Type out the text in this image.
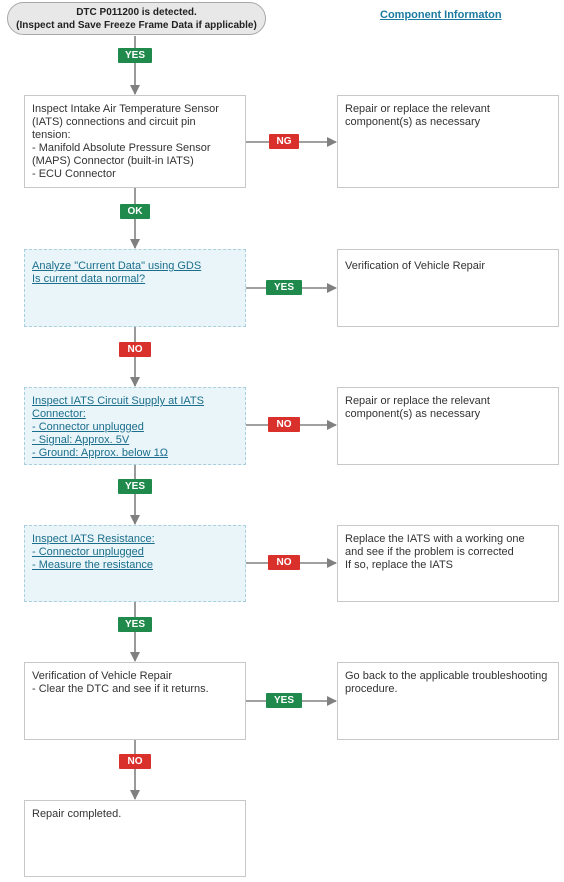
DTC P011200 is detected.
(Inspect and Save Freeze Frame Data if applicable)
Component Informaton
Inspect Intake Air Temperature Sensor
(IATS) connections and circuit pin
tension:
- Manifold Absolute Pressure Sensor
(MAPS) Connector (built-in IATS)
- ECU Connector
Analyze "Current Data" using GDS
Is current data normal?
Inspect IATS Circuit Supply at IATS
Connector:
- Connector unplugged
- Signal: Approx. 5V
- Ground: Approx. below 1Ω
Inspect IATS Resistance:
- Connector unplugged
- Measure the resistance
Verification of Vehicle Repair
- Clear the DTC and see if it returns.
Repair completed.
Repair or replace the relevant
component(s) as necessary
Verification of Vehicle Repair
Repair or replace the relevant
component(s) as necessary
Replace the IATS with a working one
and see if the problem is corrected
If so, replace the IATS
Go back to the applicable troubleshooting
procedure.
YES
OK
NO
YES
YES
NO
NG
YES
NO
NO
YES
